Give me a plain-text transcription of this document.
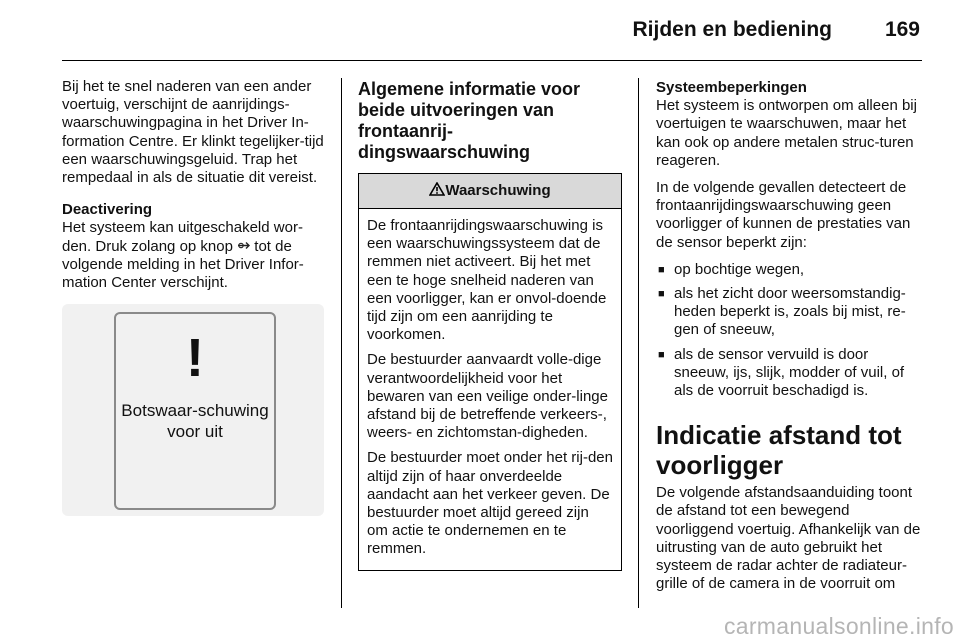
Rijden en bediening	169

Bij het te snel naderen van een ander voertuig, verschijnt de aanrijdings-waarschuwingpagina in het Driver In-formation Centre. Er klinkt tegelijker-tijd een waarschuwingsgeluid. Trap het rempedaal in als de situatie dit vereist.

Deactivering
Het systeem kan uitgeschakeld wor-den. Druk zolang op knop  tot de volgende melding in het Driver Infor-mation Center verschijnt.

!
Botswaar-schuwing voor uit
Algemene informatie voor beide uitvoeringen van frontaanrij-dingswaarschuwing
Waarschuwing

De frontaanrijdingswaarschuwing is een waarschuwingssysteem dat de remmen niet activeert. Bij het met een te hoge snelheid naderen van een voorligger, kan er onvol-doende tijd zijn om een aanrijding te voorkomen.

De bestuurder aanvaardt volle-dige verantwoordelijkheid voor het bewaren van een veilige onder-linge afstand bij de betreffende verkeers-, weers- en zichtomstan-digheden.

De bestuurder moet onder het rij-den altijd zijn of haar onverdeelde aandacht aan het verkeer geven. De bestuurder moet altijd gereed zijn om actie te ondernemen en te remmen.

Systeembeperkingen
Het systeem is ontworpen om alleen bij voertuigen te waarschuwen, maar het kan ook op andere metalen struc-turen reageren.

In de volgende gevallen detecteert de frontaanrijdingswaarschuwing geen voorligger of kunnen de prestaties van de sensor beperkt zijn:

■ op bochtige wegen,
■ als het zicht door weersomstandig-heden beperkt is, zoals bij mist, re-gen of sneeuw,
■ als de sensor vervuild is door sneeuw, ijs, slijk, modder of vuil, of als de voorruit beschadigd is.
Indicatie afstand tot voorligger

De volgende afstandsaanduiding toont de afstand tot een bewegend voorliggend voertuig. Afhankelijk van de uitrusting van de auto gebruikt het systeem de radar achter de radiateur-grille of de camera in de voorruit om

carmanualsonline.info
